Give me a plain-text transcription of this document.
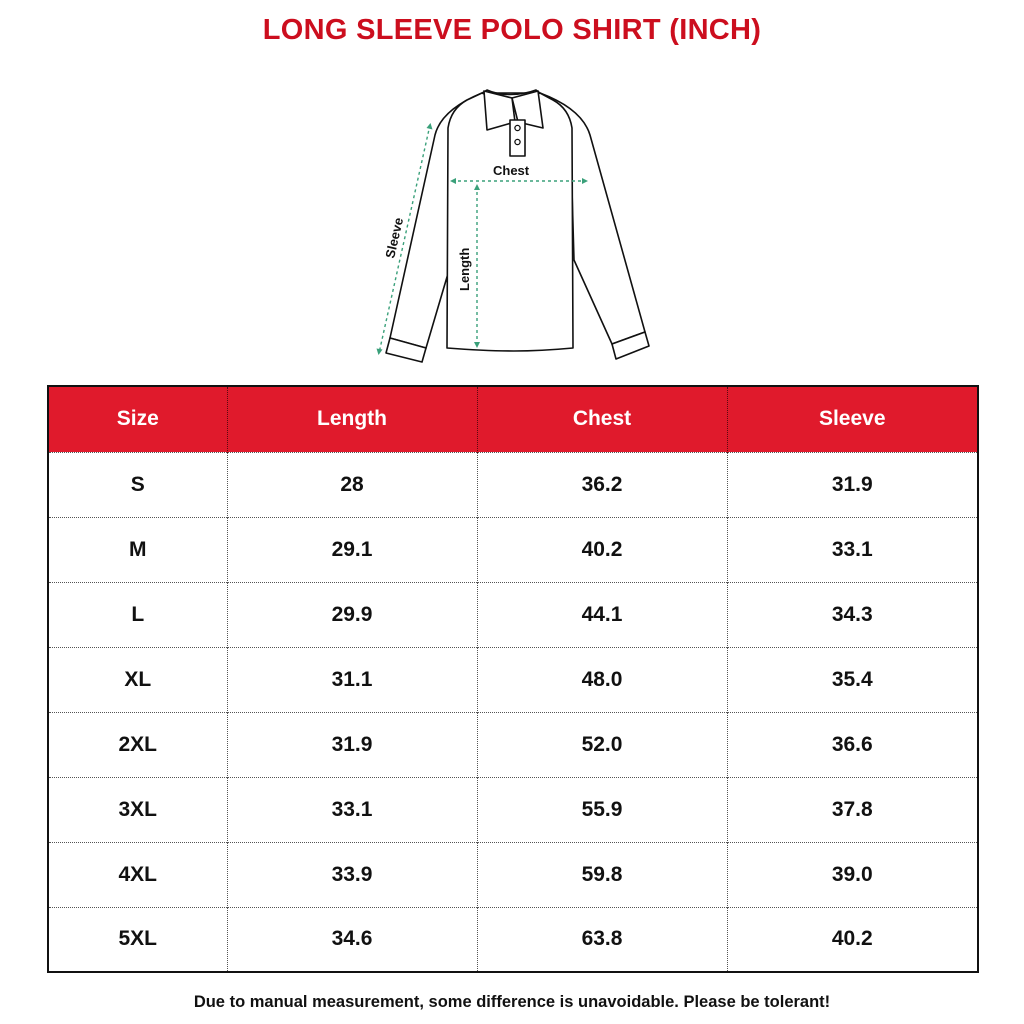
LONG SLEEVE POLO SHIRT (INCH)
Chest
Length
Sleeve
Size	Length	Chest	Sleeve
S	28	36.2	31.9
M	29.1	40.2	33.1
L	29.9	44.1	34.3
XL	31.1	48.0	35.4
2XL	31.9	52.0	36.6
3XL	33.1	55.9	37.8
4XL	33.9	59.8	39.0
5XL	34.6	63.8	40.2
Due to manual measurement, some difference is unavoidable. Please be tolerant!
